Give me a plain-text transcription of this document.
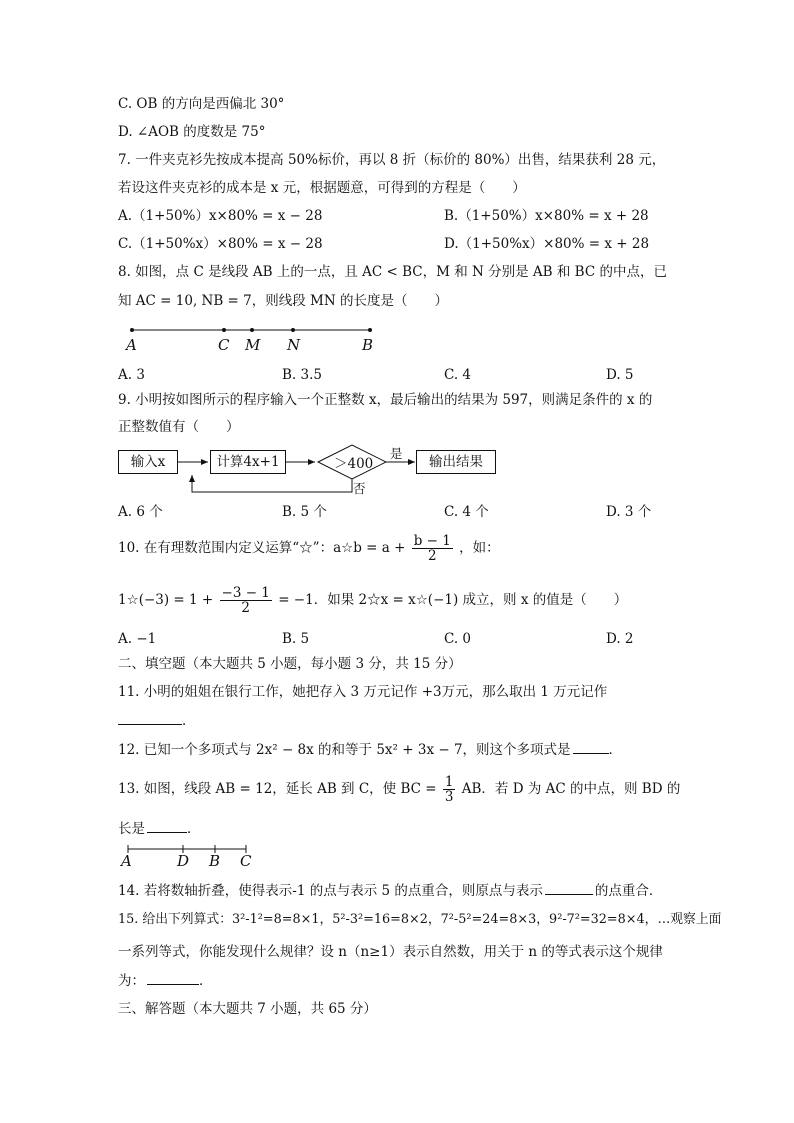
C. OB 的方向是西偏北 30°
D. ∠AOB 的度数是 75°
7. 一件夹克衫先按成本提高 50%标价，再以 8 折（标价的 80%）出售，结果获利 28 元，
若设这件夹克衫的成本是 x 元，根据题意，可得到的方程是（　　）
A.（1+50%）x×80% = x − 28	B.（1+50%）x×80% = x + 28
C.（1+50%x）×80% = x − 28	D.（1+50%x）×80% = x + 28
8. 如图，点 C 是线段 AB 上的一点，且 AC < BC，M 和 N 分别是 AB 和 BC 的中点，已
知 AC = 10, NB = 7，则线段 MN 的长度是（　　）
A	C M N	B
A. 3	B. 3.5	C. 4	D. 5
9. 小明按如图所示的程序输入一个正整数 x，最后输出的结果为 597，则满足条件的 x 的
正整数值有（　　）
输入x	计算4x+1	＞400
是
否
输出结果
A. 6 个	B. 5 个	C. 4 个	D. 3 个
10. 在有理数范围内定义运算“☆”：a☆b = $a + \frac{b - 1}{2}$ ，如：
1☆(−3) = $1 + \frac{-3 - 1}{2} = -1$．如果 2☆x = x☆(−1) 成立，则 x 的值是（　　）
A. −1	B. 5	C. 0	D. 2
二、填空题（本大题共 5 小题，每小题 3 分，共 15 分）
11. 小明的姐姐在银行工作，她把存入 3 万元记作 +3万元，那么取出 1 万元记作
．
12. 已知一个多项式与 2x² − 8x 的和等于 5x² + 3x − 7，则这个多项式是	．
13. 如图，线段 AB = 12，延长 AB 到 C，使 BC = $\frac{1}{3}$ AB．若 D 为 AC 的中点，则 BD 的
长是	．
A	D B C
14. 若将数轴折叠，使得表示-1 的点与表示 5 的点重合，则原点与表示	的点重合．
15. 给出下列算式：3²-1²=8=8×1，5²-3²=16=8×2，7²-5²=24=8×3，9²-7²=32=8×4，…观察上面
一系列等式，你能发现什么规律？设 n（n≥1）表示自然数，用关于 n 的等式表示这个规律
为：	．
三、解答题（本大题共 7 小题，共 65 分）
